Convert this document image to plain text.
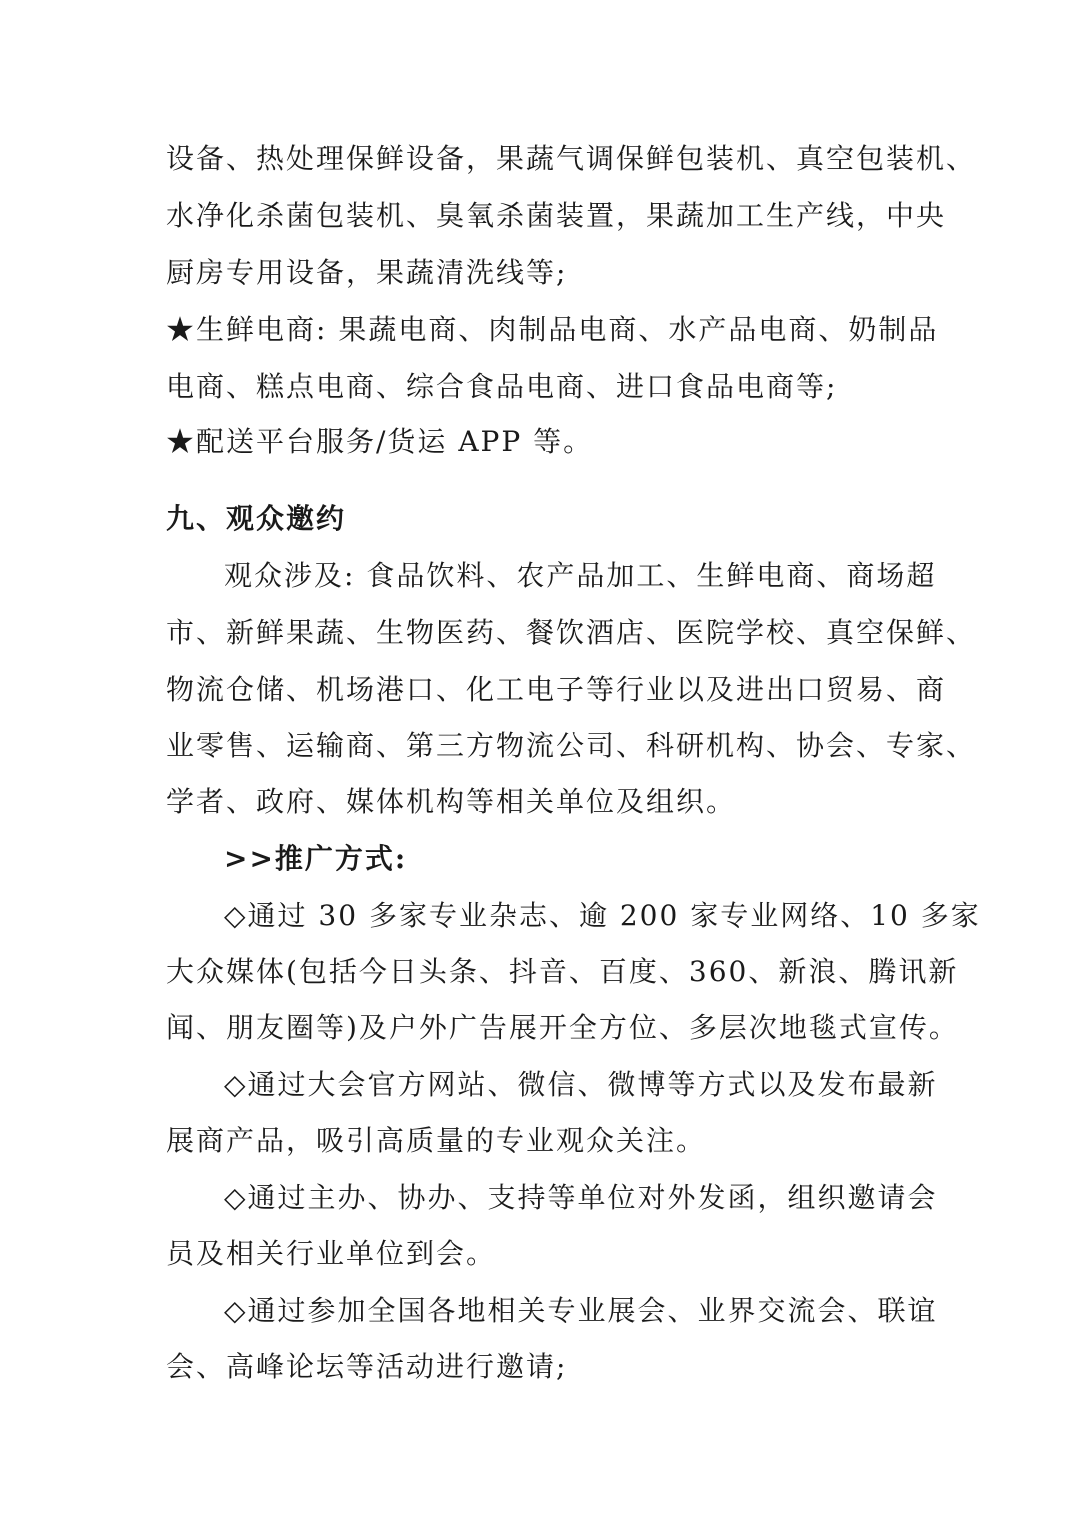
设备、热处理保鲜设备，果蔬气调保鲜包装机、真空包装机、
水净化杀菌包装机、臭氧杀菌装置，果蔬加工生产线，中央
厨房专用设备，果蔬清洗线等;
★生鲜电商: 果蔬电商、肉制品电商、水产品电商、奶制品
电商、糕点电商、综合食品电商、进口食品电商等;
★配送平台服务/货运 APP 等。
九、观众邀约
观众涉及: 食品饮料、农产品加工、生鲜电商、商场超
市、新鲜果蔬、生物医药、餐饮酒店、医院学校、真空保鲜、
物流仓储、机场港口、化工电子等行业以及进出口贸易、商
业零售、运输商、第三方物流公司、科研机构、协会、专家、
学者、政府、媒体机构等相关单位及组织。
>>推广方式:
◇通过 30 多家专业杂志、逾 200 家专业网络、10 多家
大众媒体(包括今日头条、抖音、百度、360、新浪、腾讯新
闻、朋友圈等)及户外广告展开全方位、多层次地毯式宣传。
◇通过大会官方网站、微信、微博等方式以及发布最新
展商产品，吸引高质量的专业观众关注。
◇通过主办、协办、支持等单位对外发函，组织邀请会
员及相关行业单位到会。
◇通过参加全国各地相关专业展会、业界交流会、联谊
会、高峰论坛等活动进行邀请;
